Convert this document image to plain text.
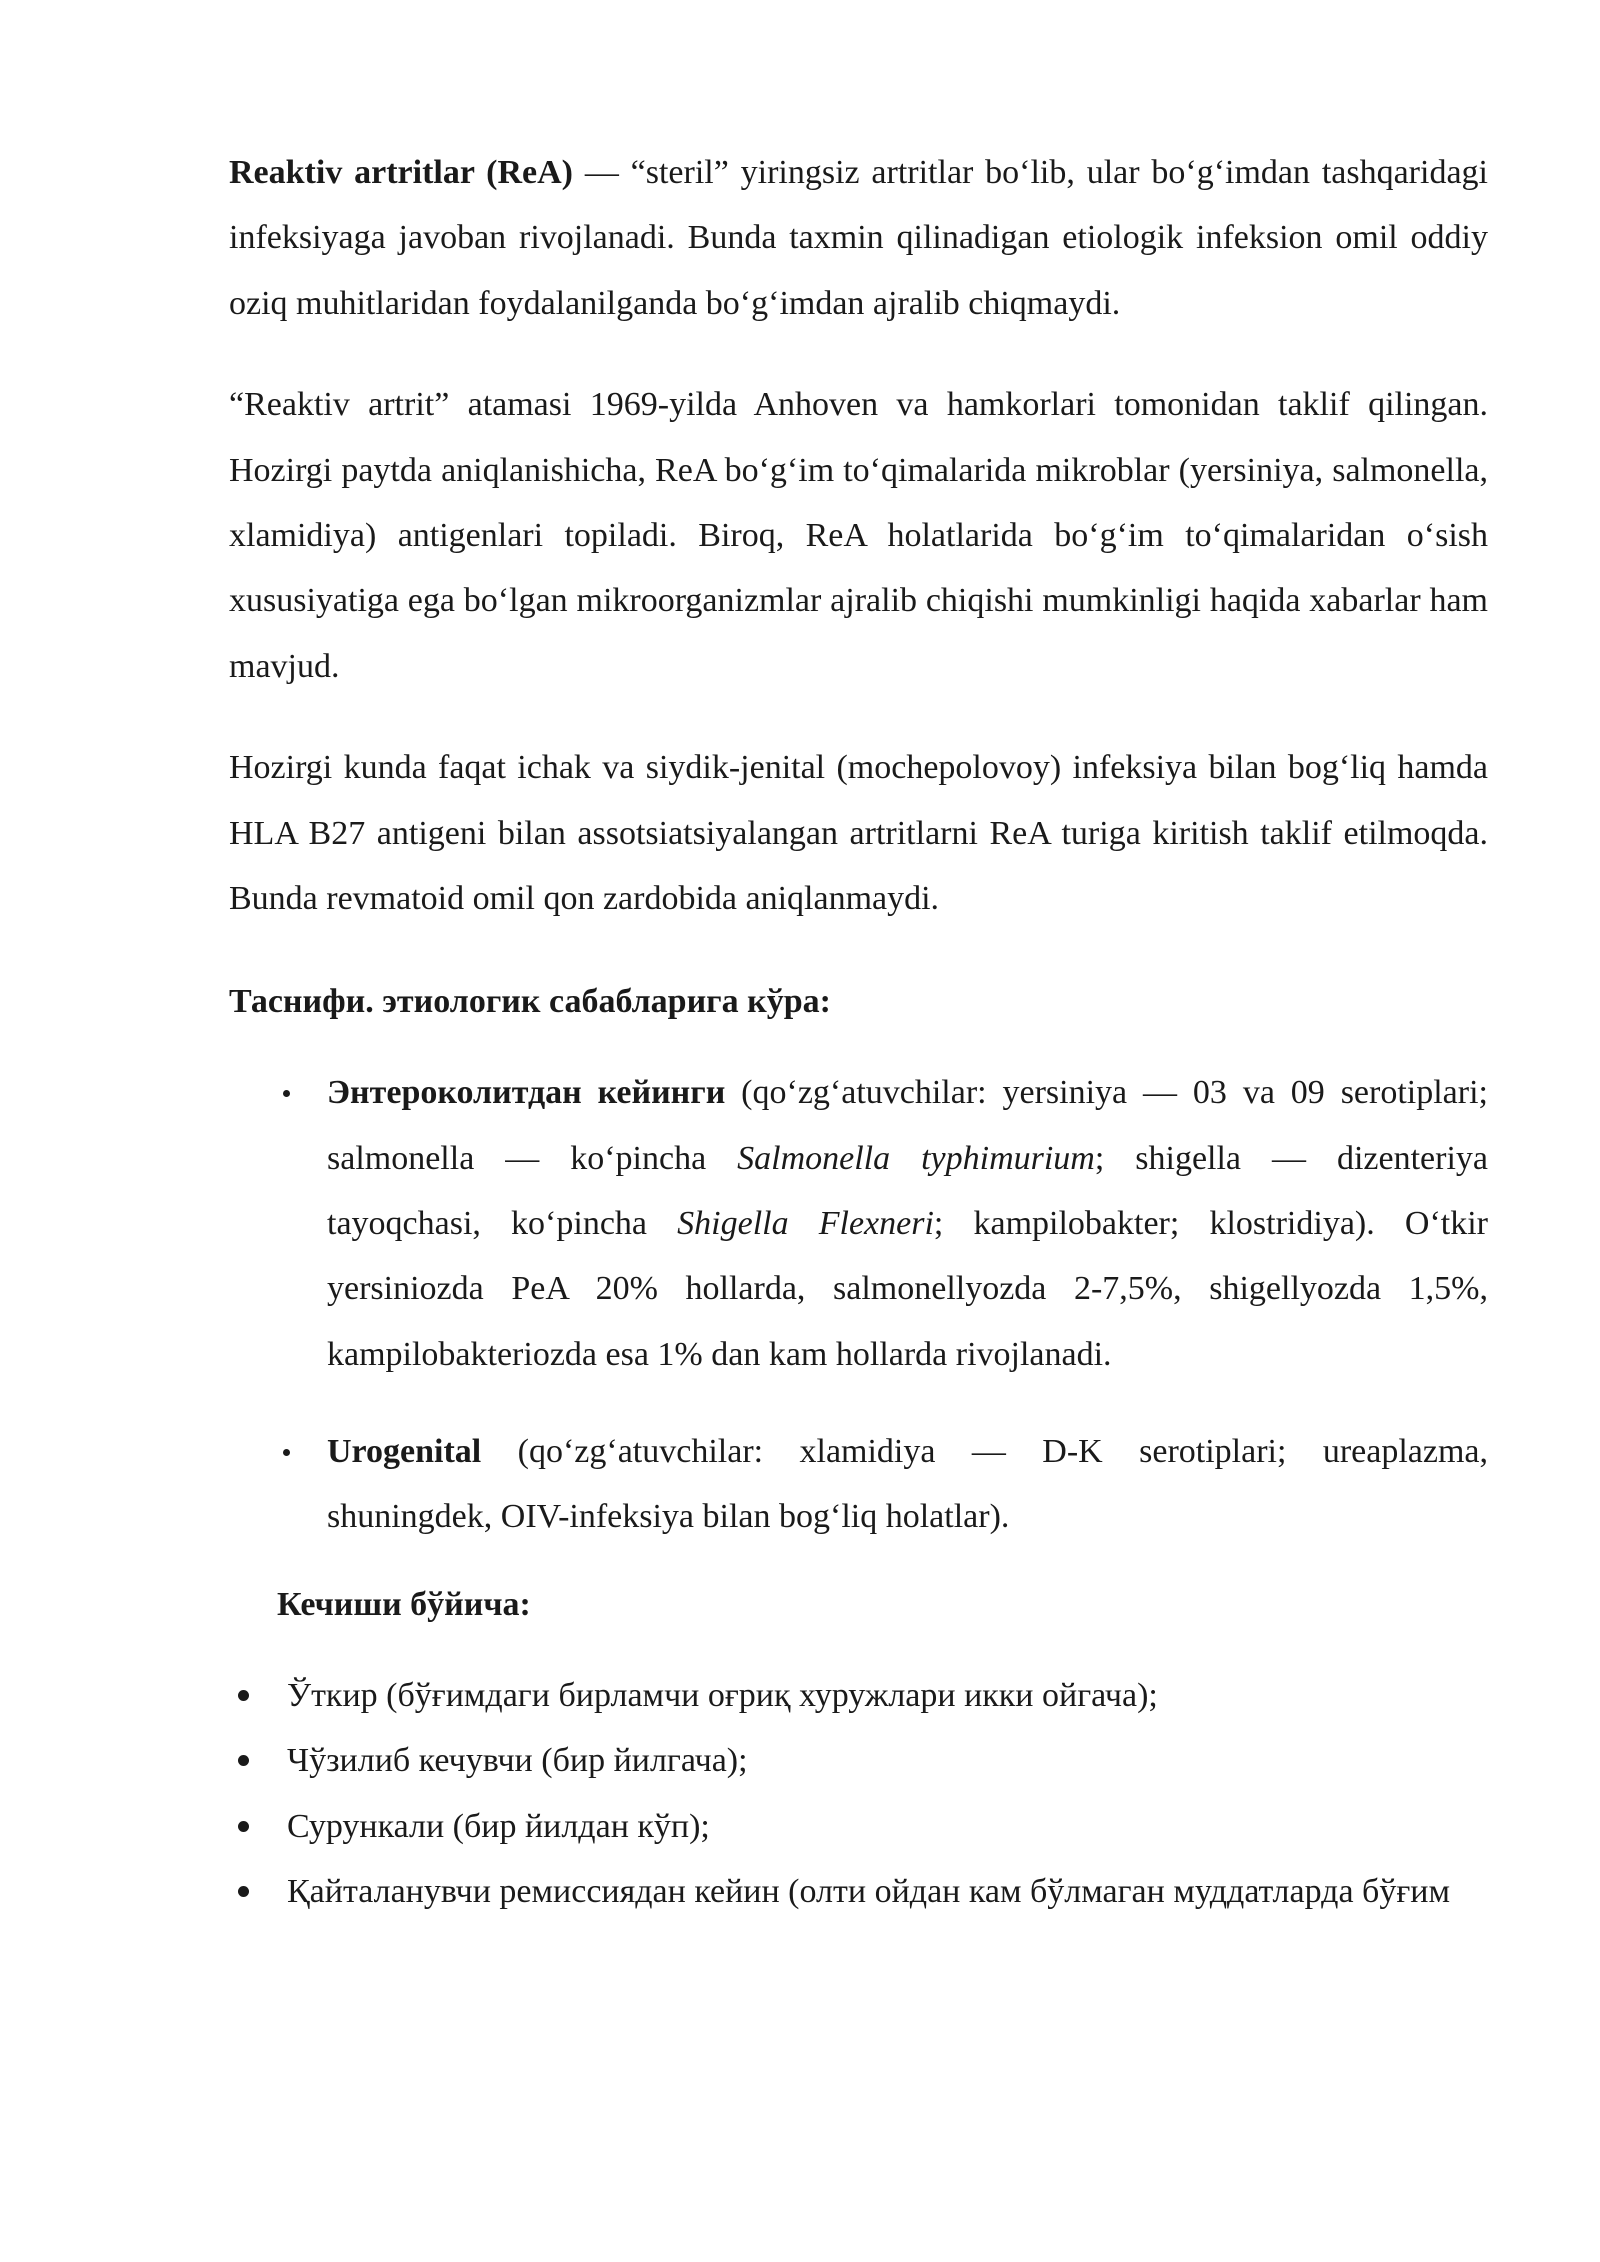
Reaktiv artritlar (ReA) — “steril” yiringsiz artritlar bo‘lib, ular bo‘g‘imdan tashqaridagi infeksiyaga javoban rivojlanadi. Bunda taxmin qilinadigan etiologik infeksion omil oddiy oziq muhitlaridan foydalanilganda bo‘g‘imdan ajralib chiqmaydi.

“Reaktiv artrit” atamasi 1969-yilda Anhoven va hamkorlari tomonidan taklif qilingan. Hozirgi paytda aniqlanishicha, ReA bo‘g‘im to‘qimalarida mikroblar (yersiniya, salmonella, xlamidiya) antigenlari topiladi. Biroq, ReA holatlarida bo‘g‘im to‘qimalaridan o‘sish xususiyatiga ega bo‘lgan mikroorganizmlar ajralib chiqishi mumkinligi haqida xabarlar ham mavjud.

Hozirgi kunda faqat ichak va siydik-jenital (mochepolovoy) infeksiya bilan bog‘liq hamda HLA B27 antigeni bilan assotsiatsiyalangan artritlarni ReA turiga kiritish taklif etilmoqda. Bunda revmatoid omil qon zardobida aniqlanmaydi.

Таснифи. этиологик сабабларига кўра:
Энтероколитдан кейинги (qo‘zg‘atuvchilar: yersiniya — 03 va 09 serotiplari; salmonella — ko‘pincha Salmonella typhimurium; shigella — dizenteriya tayoqchasi, ko‘pincha Shigella Flexneri; kampilobakter; klostridiya). O‘tkir yersiniozda PeA 20% hollarda, salmonellyozda 2-7,5%, shigellyozda 1,5%, kampilobakteriozda esa 1% dan kam hollarda rivojlanadi.
Urogenital (qo‘zg‘atuvchilar: xlamidiya — D-K serotiplari; ureaplazma, shuningdek, OIV-infeksiya bilan bog‘liq holatlar).
Кечиши бўйича:
Ўткир (бўғимдаги бирламчи оғриқ хуружлари икки ойгача);
Чўзилиб кечувчи (бир йилгача);
Сурункали (бир йилдан кўп);
Қайталанувчи ремиссиядан кейин (олти ойдан кам бўлмаган муддатларда бўғим
